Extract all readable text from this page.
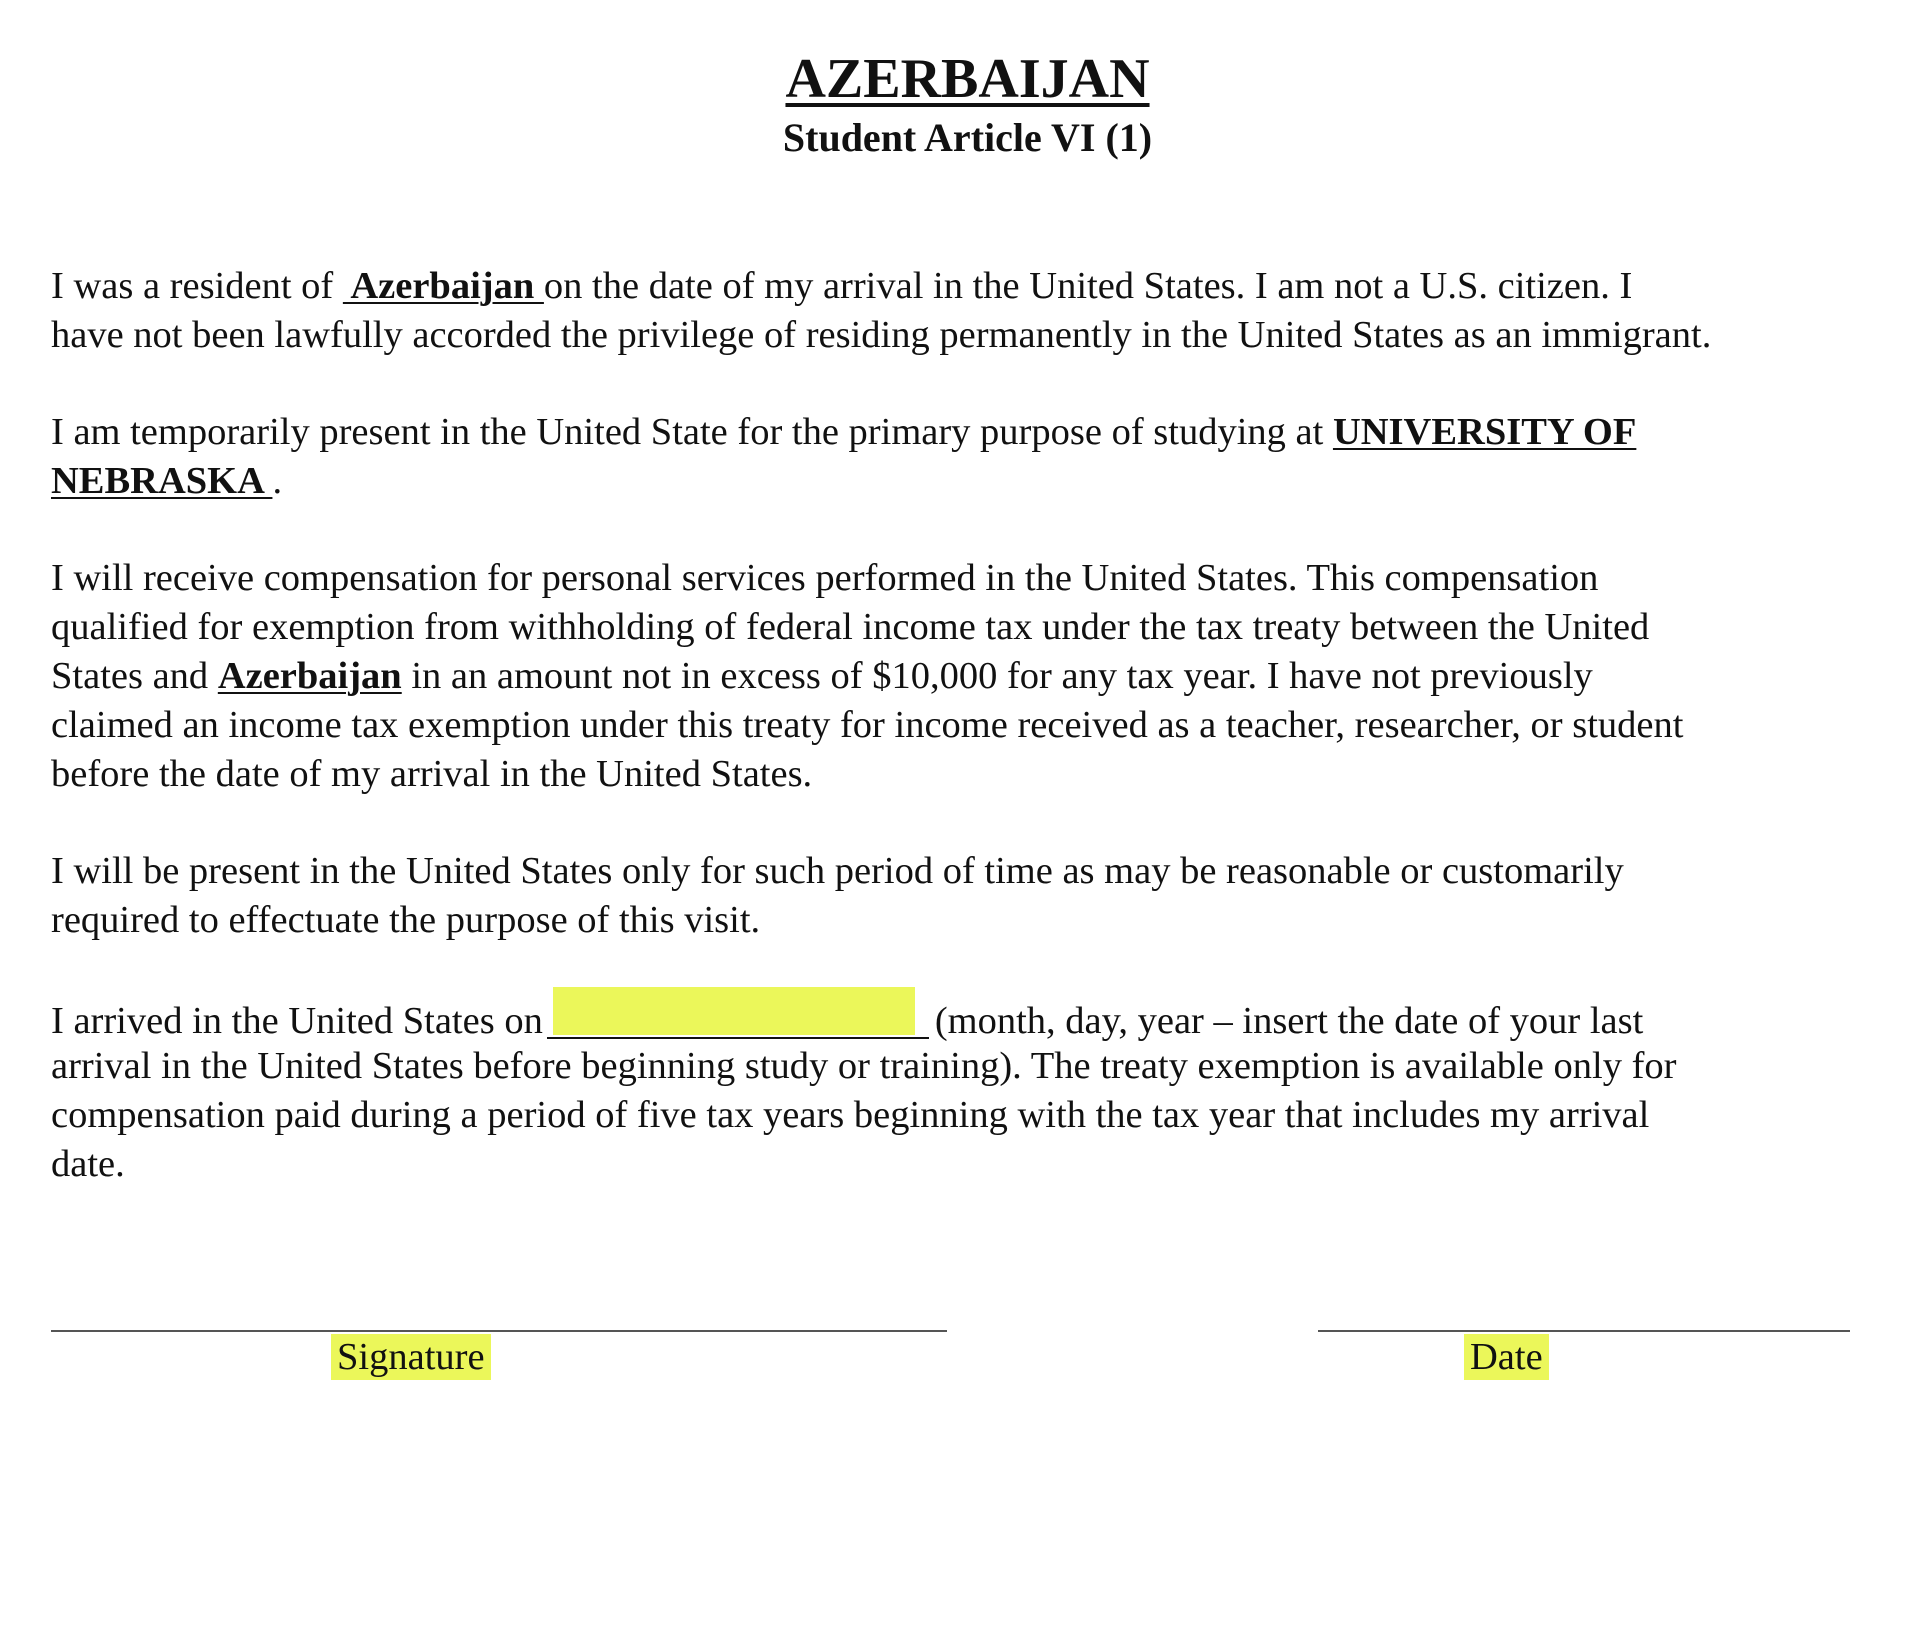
AZERBAIJAN
Student Article VI (1)
I was a resident of  Azerbaijan on the date of my arrival in the United States. I am not a U.S. citizen. I
have not been lawfully accorded the privilege of residing permanently in the United States as an immigrant.
I am temporarily present in the United State for the primary purpose of studying at UNIVERSITY OF
NEBRASKA .
I will receive compensation for personal services performed in the United States. This compensation
qualified for exemption from withholding of federal income tax under the tax treaty between the United
States and Azerbaijan in an amount not in excess of $10,000 for any tax year. I have not previously
claimed an income tax exemption under this treaty for income received as a teacher, researcher, or student
before the date of my arrival in the United States.
I will be present in the United States only for such period of time as may be reasonable or customarily
required to effectuate the purpose of this visit.
I arrived in the United States on	(month, day, year – insert the date of your last
arrival in the United States before beginning study or training). The treaty exemption is available only for
compensation paid during a period of five tax years beginning with the tax year that includes my arrival
date.
Signature	Date
